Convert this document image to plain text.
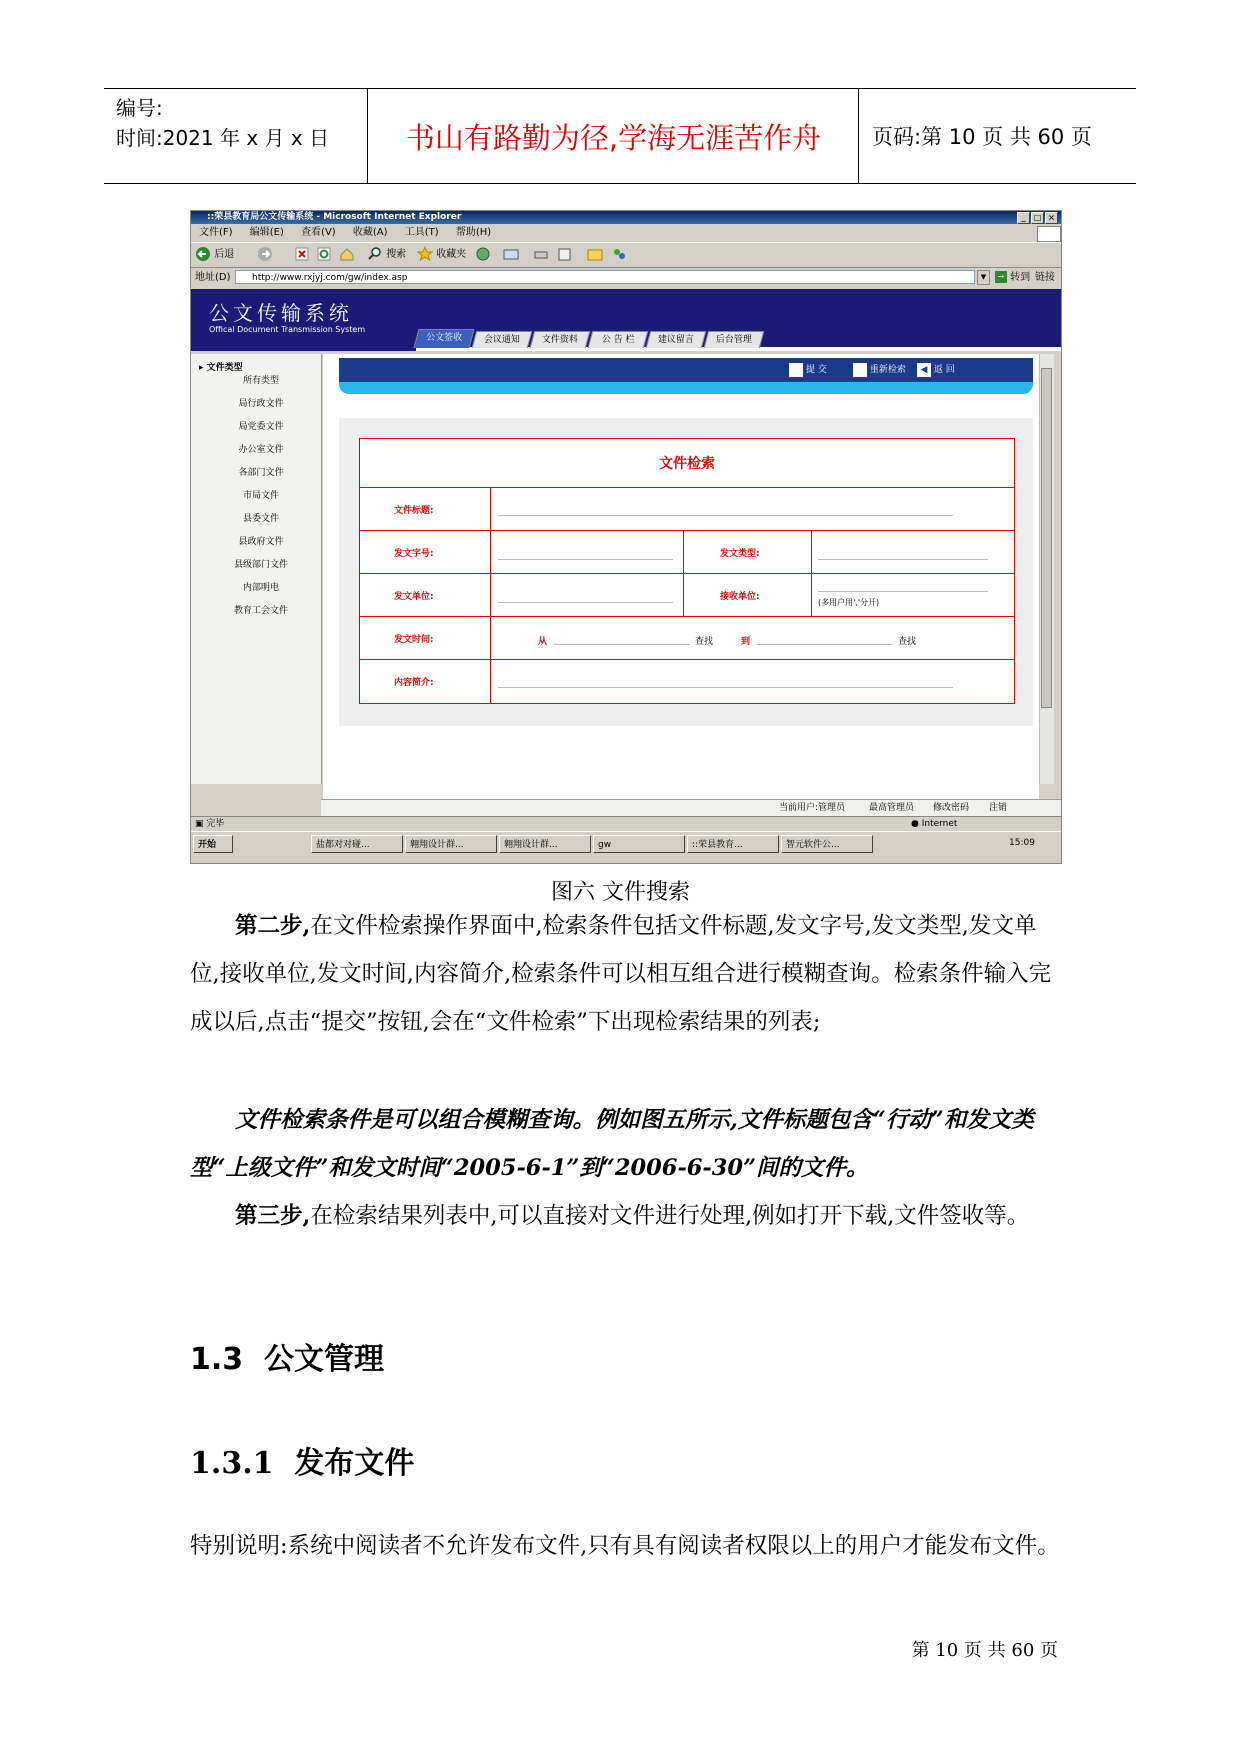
编号:
时间:2021 年 x 月 x 日	书山有路勤为径,学海无涯苦作舟	页码:第 10 页 共 60 页
::荣县教育局公文传输系统 - Microsoft Internet Explorer	_	□ ×
文件(F) 编辑(E) 查看(V) 收藏(A) 工具(T) 帮助(H)
后退	搜索	收藏夹
地址(D)	http://www.rxjyj.com/gw/index.asp	▼	→ 转到 链接
公文传输系统
Offical Document Transmission System
公文签收	会议通知	文件资料	公 告 栏	建议留言	后台管理
▸ 文件类型
所有类型
局行政文件
局党委文件
办公室文件
各部门文件
市局文件
县委文件
县政府文件
县级部门文件
内部明电
教育工会文件
提 交	重新检索	◀ 返 回
文件检索
文件标题:
发文字号:	发文类型:
发文单位:	接收单位:
(多用户用','分开)
发文时间:	从	查找	到	查找
内容简介:
当前用户:管理员	最高管理员 修改密码 注销
▣ 完毕	● Internet
开始	盐都对对碰...	翱翔设计群...	翱翔设计群...	gw	::荣县教育...	智元软件公...	15:09
图六 文件搜索
第二步,在文件检索操作界面中,检索条件包括文件标题,发文字号,发文类型,发文单位,接收单位,发文时间,内容简介,检索条件可以相互组合进行模糊查询。检索条件输入完成以后,点击“提交”按钮,会在“文件检索”下出现检索结果的列表;
文件检索条件是可以组合模糊查询。例如图五所示,文件标题包含“行动”和发文类型“上级文件”和发文时间“2005-6-1”到“2006-6-30”间的文件。
第三步,在检索结果列表中,可以直接对文件进行处理,例如打开下载,文件签收等。
1.3 公文管理
1.3.1 发布文件
特别说明:系统中阅读者不允许发布文件,只有具有阅读者权限以上的用户才能发布文件。
第 10 页 共 60 页
